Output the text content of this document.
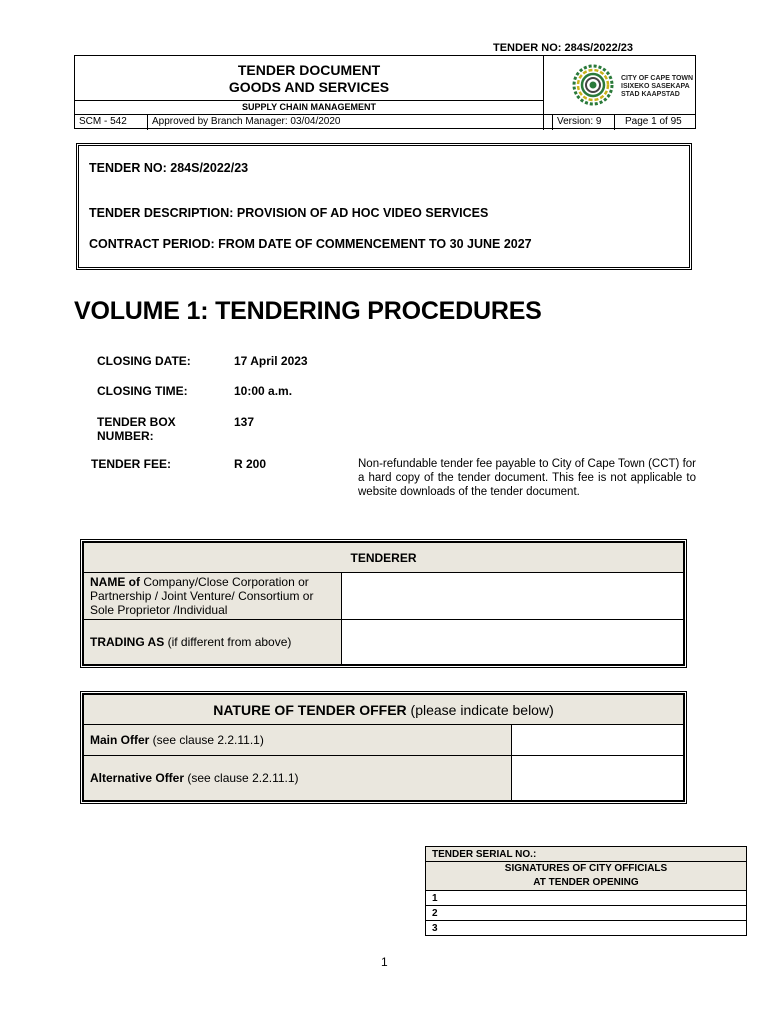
TENDER NO: 284S/2022/23
TENDER DOCUMENT
GOODS AND SERVICES
SUPPLY CHAIN MANAGEMENT
CITY OF CAPE TOWN
ISIXEKO SASEKAPA
STAD KAAPSTAD
SCM - 542	Approved by Branch Manager: 03/04/2020	Version: 9	Page 1 of 95
TENDER NO: 284S/2022/23
TENDER DESCRIPTION: PROVISION OF AD HOC VIDEO SERVICES
CONTRACT PERIOD: FROM DATE OF COMMENCEMENT TO 30 JUNE 2027
VOLUME 1: TENDERING PROCEDURES
CLOSING DATE:	17 April 2023
CLOSING TIME:	10:00 a.m.
TENDER BOX
NUMBER:
137
TENDER FEE:	R 200	Non-refundable tender fee payable to City of Cape Town (CCT) for a hard copy of the tender document. This fee is not applicable to website downloads of the tender document.
TENDERER	
NAME of Company/Close Corporation or Partnership / Joint Venture/ Consortium or Sole Proprietor /Individual	
TRADING AS (if different from above)	
NATURE OF TENDER OFFER (please indicate below)	
Main Offer (see clause 2.2.11.1)	
Alternative Offer (see clause 2.2.11.1)	
TENDER SERIAL NO.:

SIGNATURES OF CITY OFFICIALS
AT TENDER OPENING

1
2
3
1
